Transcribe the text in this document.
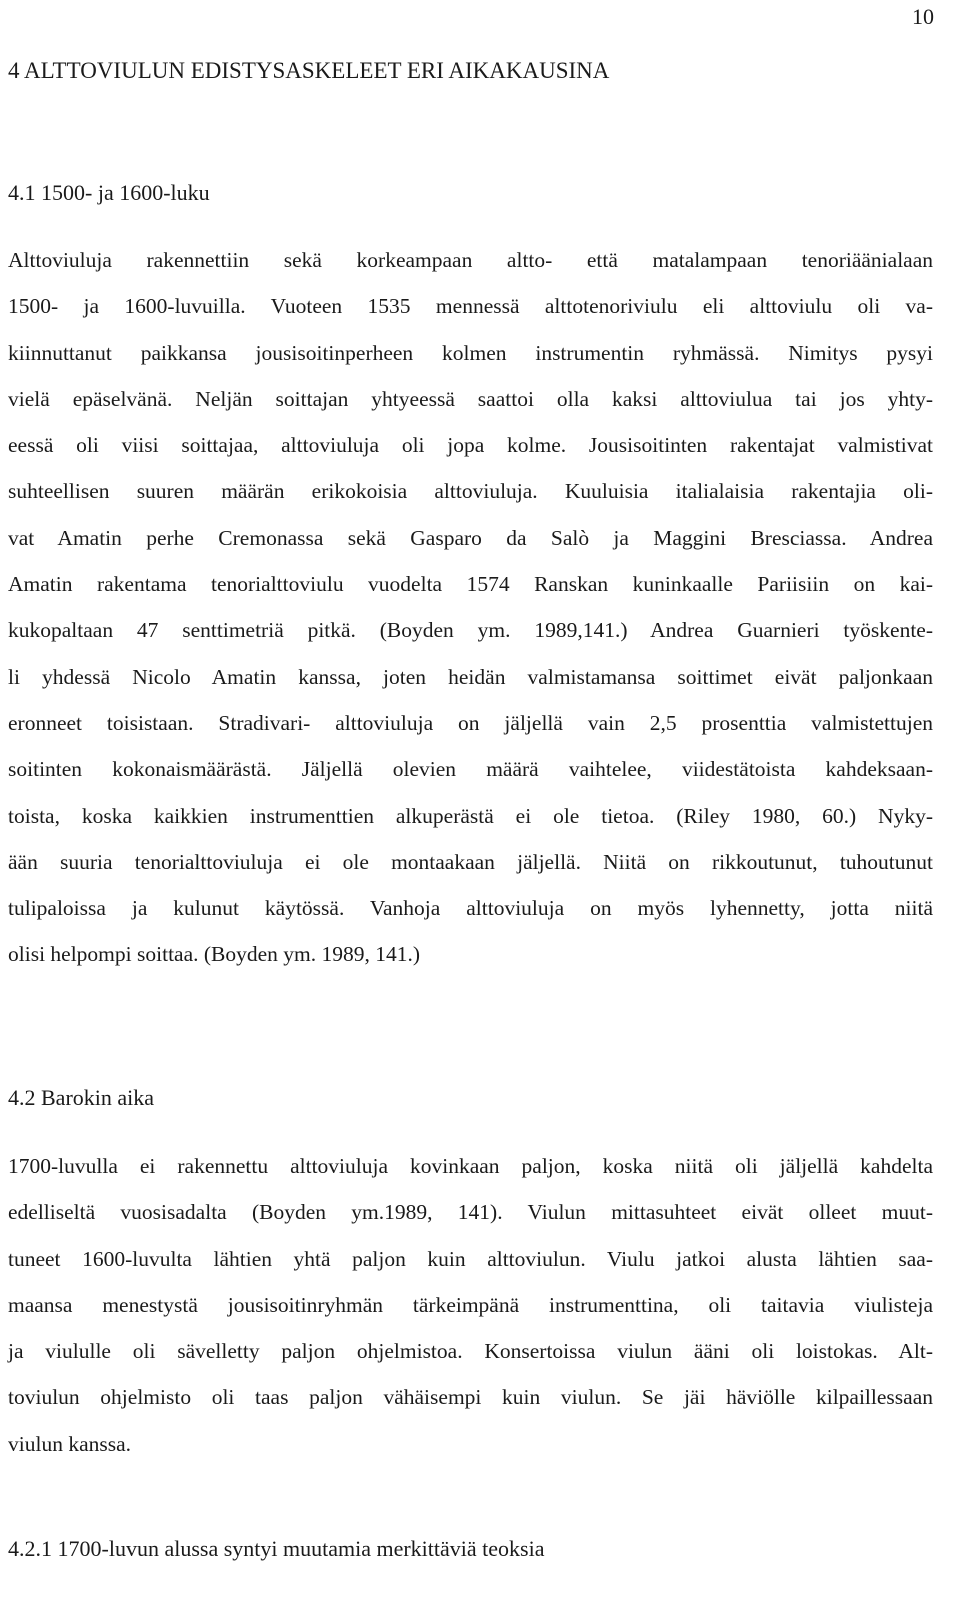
10
4 ALTTOVIULUN EDISTYSASKELEET ERI AIKAKAUSINA
4.1 1500- ja 1600-luku
Alttoviuluja rakennettiin sekä korkeampaan altto- että matalampaan tenoriäänialaan
1500- ja 1600-luvuilla. Vuoteen 1535 mennessä alttotenoriviulu eli alttoviulu oli va-
kiinnuttanut paikkansa jousisoitinperheen kolmen instrumentin ryhmässä. Nimitys pysyi
vielä epäselvänä. Neljän soittajan yhtyeessä saattoi olla kaksi alttoviulua tai jos yhty-
eessä oli viisi soittajaa, alttoviuluja oli jopa kolme. Jousisoitinten rakentajat valmistivat
suhteellisen suuren määrän erikokoisia alttoviuluja. Kuuluisia italialaisia rakentajia oli-
vat Amatin perhe Cremonassa sekä Gasparo da Salò ja Maggini Bresciassa. Andrea
Amatin rakentama tenorialttoviulu vuodelta 1574 Ranskan kuninkaalle Pariisiin on kai-
kukopaltaan 47 senttimetriä pitkä. (Boyden ym. 1989,141.) Andrea Guarnieri työskente-
li yhdessä Nicolo Amatin kanssa, joten heidän valmistamansa soittimet eivät paljonkaan
eronneet toisistaan. Stradivari- alttoviuluja on jäljellä vain 2,5 prosenttia valmistettujen
soitinten kokonaismäärästä. Jäljellä olevien määrä vaihtelee, viidestätoista kahdeksaan-
toista, koska kaikkien instrumenttien alkuperästä ei ole tietoa. (Riley 1980, 60.) Nyky-
ään suuria tenorialttoviuluja ei ole montaakaan jäljellä. Niitä on rikkoutunut, tuhoutunut
tulipaloissa ja kulunut käytössä. Vanhoja alttoviuluja on myös lyhennetty, jotta niitä
olisi helpompi soittaa. (Boyden ym. 1989, 141.)
4.2 Barokin aika
1700-luvulla ei rakennettu alttoviuluja kovinkaan paljon, koska niitä oli jäljellä kahdelta
edelliseltä vuosisadalta (Boyden ym.1989, 141). Viulun mittasuhteet eivät olleet muut-
tuneet 1600-luvulta lähtien yhtä paljon kuin alttoviulun. Viulu jatkoi alusta lähtien saa-
maansa menestystä jousisoitinryhmän tärkeimpänä instrumenttina, oli taitavia viulisteja
ja viululle oli sävelletty paljon ohjelmistoa. Konsertoissa viulun ääni oli loistokas. Alt-
toviulun ohjelmisto oli taas paljon vähäisempi kuin viulun. Se jäi häviölle kilpaillessaan
viulun kanssa.
4.2.1 1700-luvun alussa syntyi muutamia merkittäviä teoksia
